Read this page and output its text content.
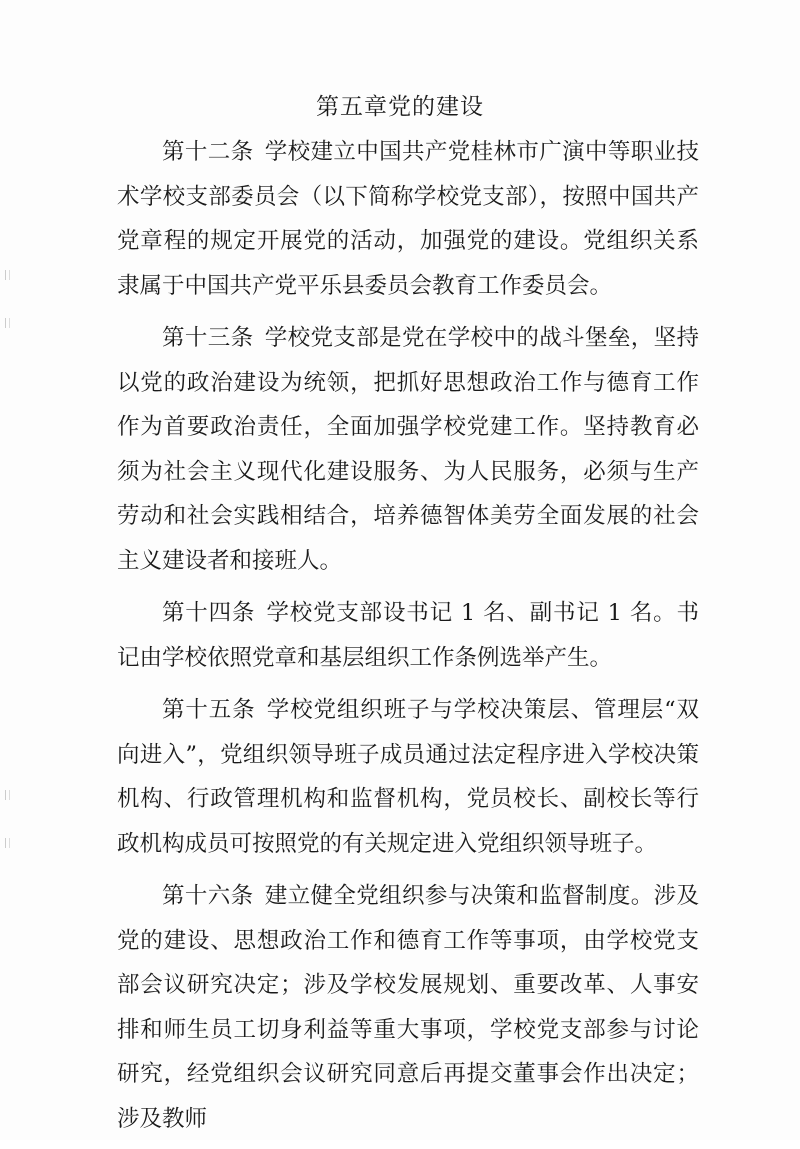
第五章党的建设

第十二条 学校建立中国共产党桂林市广演中等职业技术学校支部委员会（以下简称学校党支部），按照中国共产党章程的规定开展党的活动，加强党的建设。党组织关系隶属于中国共产党平乐县委员会教育工作委员会。

第十三条 学校党支部是党在学校中的战斗堡垒，坚持以党的政治建设为统领，把抓好思想政治工作与德育工作作为首要政治责任，全面加强学校党建工作。坚持教育必须为社会主义现代化建设服务、为人民服务，必须与生产劳动和社会实践相结合，培养德智体美劳全面发展的社会主义建设者和接班人。

第十四条 学校党支部设书记 1 名、副书记 1 名。书记由学校依照党章和基层组织工作条例选举产生。

第十五条 学校党组织班子与学校决策层、管理层“双向进入”，党组织领导班子成员通过法定程序进入学校决策机构、行政管理机构和监督机构，党员校长、副校长等行政机构成员可按照党的有关规定进入党组织领导班子。

第十六条 建立健全党组织参与决策和监督制度。涉及党的建设、思想政治工作和德育工作等事项，由学校党支部会议研究决定；涉及学校发展规划、重要改革、人事安排和师生员工切身利益等重大事项，学校党支部参与讨论研究，经党组织会议研究同意后再提交董事会作出决定；涉及教师
